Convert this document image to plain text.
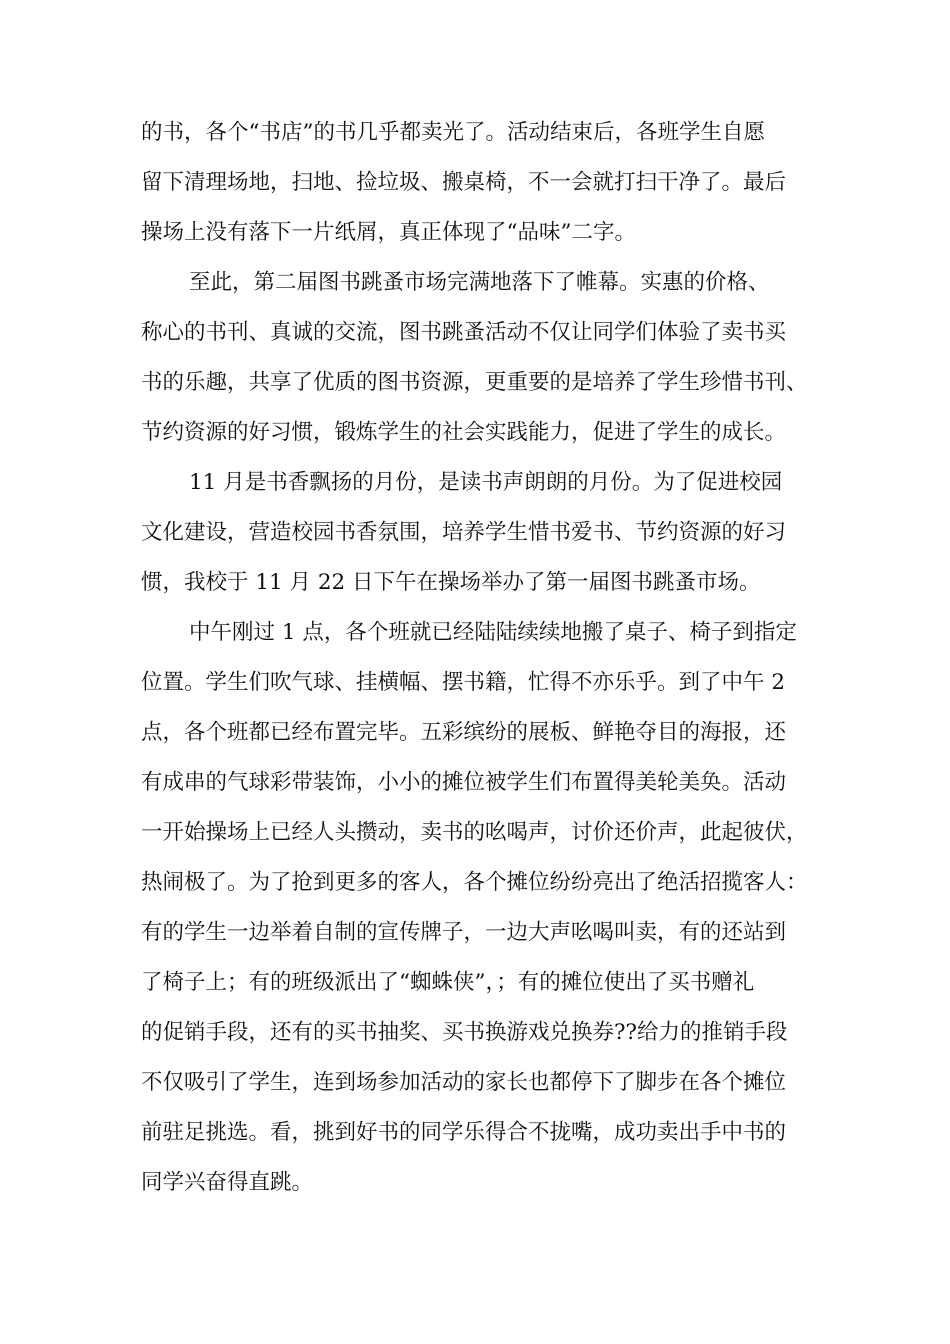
的书，各个“书店”的书几乎都卖光了。活动结束后，各班学生自愿
留下清理场地，扫地、捡垃圾、搬桌椅，不一会就打扫干净了。最后
操场上没有落下一片纸屑，真正体现了“品味”二字。
至此，第二届图书跳蚤市场完满地落下了帷幕。实惠的价格、
称心的书刊、真诚的交流，图书跳蚤活动不仅让同学们体验了卖书买
书的乐趣，共享了优质的图书资源，更重要的是培养了学生珍惜书刊、
节约资源的好习惯，锻炼学生的社会实践能力，促进了学生的成长。
11 月是书香飘扬的月份，是读书声朗朗的月份。为了促进校园
文化建设，营造校园书香氛围，培养学生惜书爱书、节约资源的好习
惯，我校于 11 月 22 日下午在操场举办了第一届图书跳蚤市场。
中午刚过 1 点，各个班就已经陆陆续续地搬了桌子、椅子到指定
位置。学生们吹气球、挂横幅、摆书籍，忙得不亦乐乎。到了中午 2
点，各个班都已经布置完毕。五彩缤纷的展板、鲜艳夺目的海报，还
有成串的气球彩带装饰，小小的摊位被学生们布置得美轮美奂。活动
一开始操场上已经人头攒动，卖书的吆喝声，讨价还价声，此起彼伏，
热闹极了。为了抢到更多的客人，各个摊位纷纷亮出了绝活招揽客人：
有的学生一边举着自制的宣传牌子，一边大声吆喝叫卖，有的还站到
了椅子上；有的班级派出了“蜘蛛侠”，；有的摊位使出了买书赠礼
的促销手段，还有的买书抽奖、买书换游戏兑换券??给力的推销手段
不仅吸引了学生，连到场参加活动的家长也都停下了脚步在各个摊位
前驻足挑选。看，挑到好书的同学乐得合不拢嘴，成功卖出手中书的
同学兴奋得直跳。
